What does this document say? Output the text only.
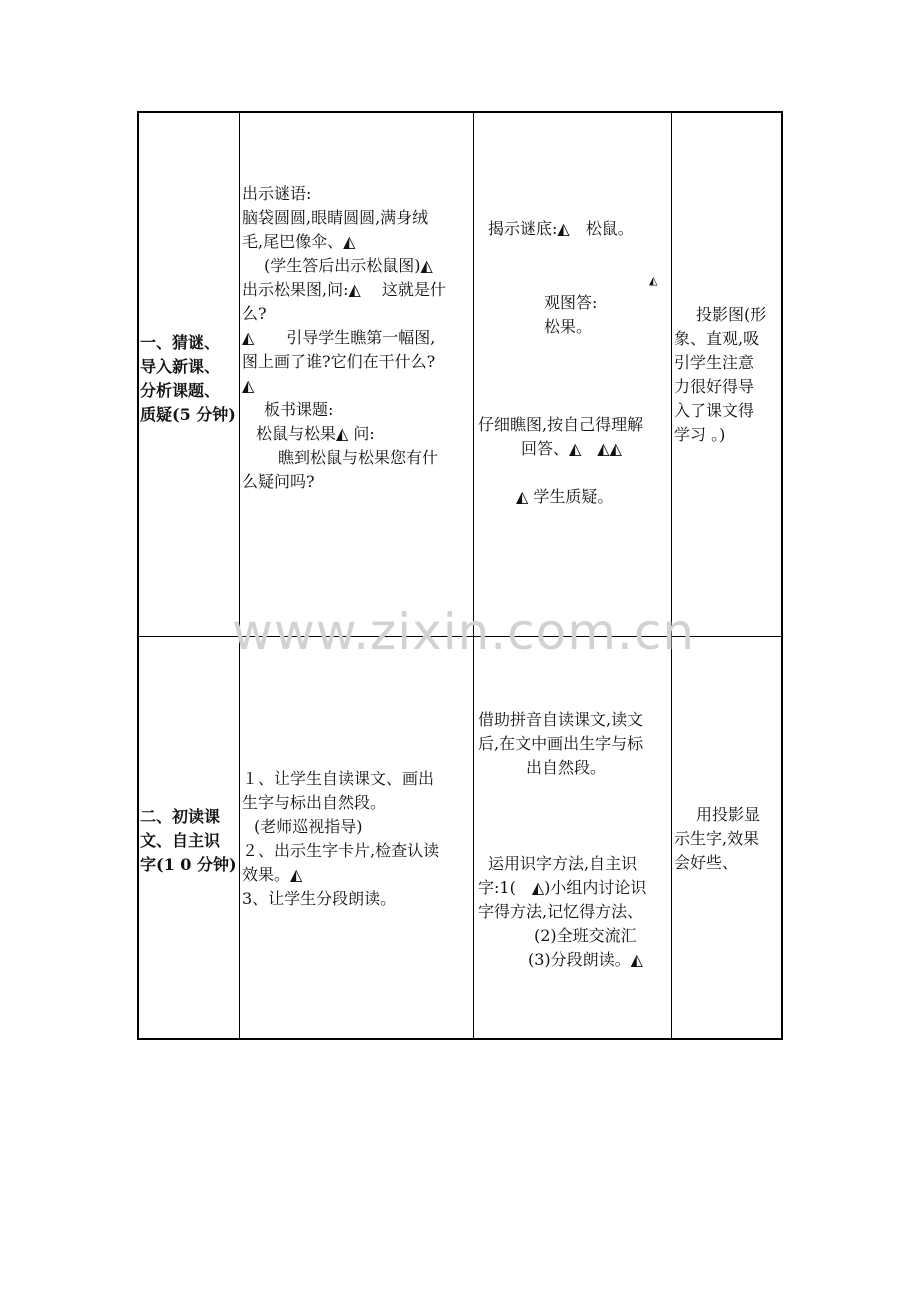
一、猜谜、
导入新课、
分析课题、
质疑(5 分钟)
出示谜语:
脑袋圆圆,眼睛圆圆,满身绒
毛,尾巴像伞、◭
(学生答后出示松鼠图)◭
出示松果图,问:◭　 这就是什
么?
◭　　引导学生瞧第一幅图,
图上画了谁?它们在干什么?
◭
板书课题:
松鼠与松果◭ 问:
瞧到松鼠与松果您有什
么疑问吗?
揭示谜底:◭　松鼠。
◭
观图答:
松果。
仔细瞧图,按自己得理解
回答、◭　◭◭
◭ 学生质疑。
投影图(形
象、直观,吸
引学生注意
力很好得导
入了课文得
学习 。)
二、初读课
文、自主识
字(1 0 分钟)
１、让学生自读课文、画出
生字与标出自然段。
(老师巡视指导)
２、出示生字卡片,检查认读
效果。◭
3、让学生分段朗读。
借助拼音自读课文,读文
后,在文中画出生字与标
出自然段。
运用识字方法,自主识
字:1(　◭)小组内讨论识
字得方法,记忆得方法、
(2)全班交流汇
(3)分段朗读。◭
用投影显
示生字,效果
会好些、
www.zixin.com.cn
